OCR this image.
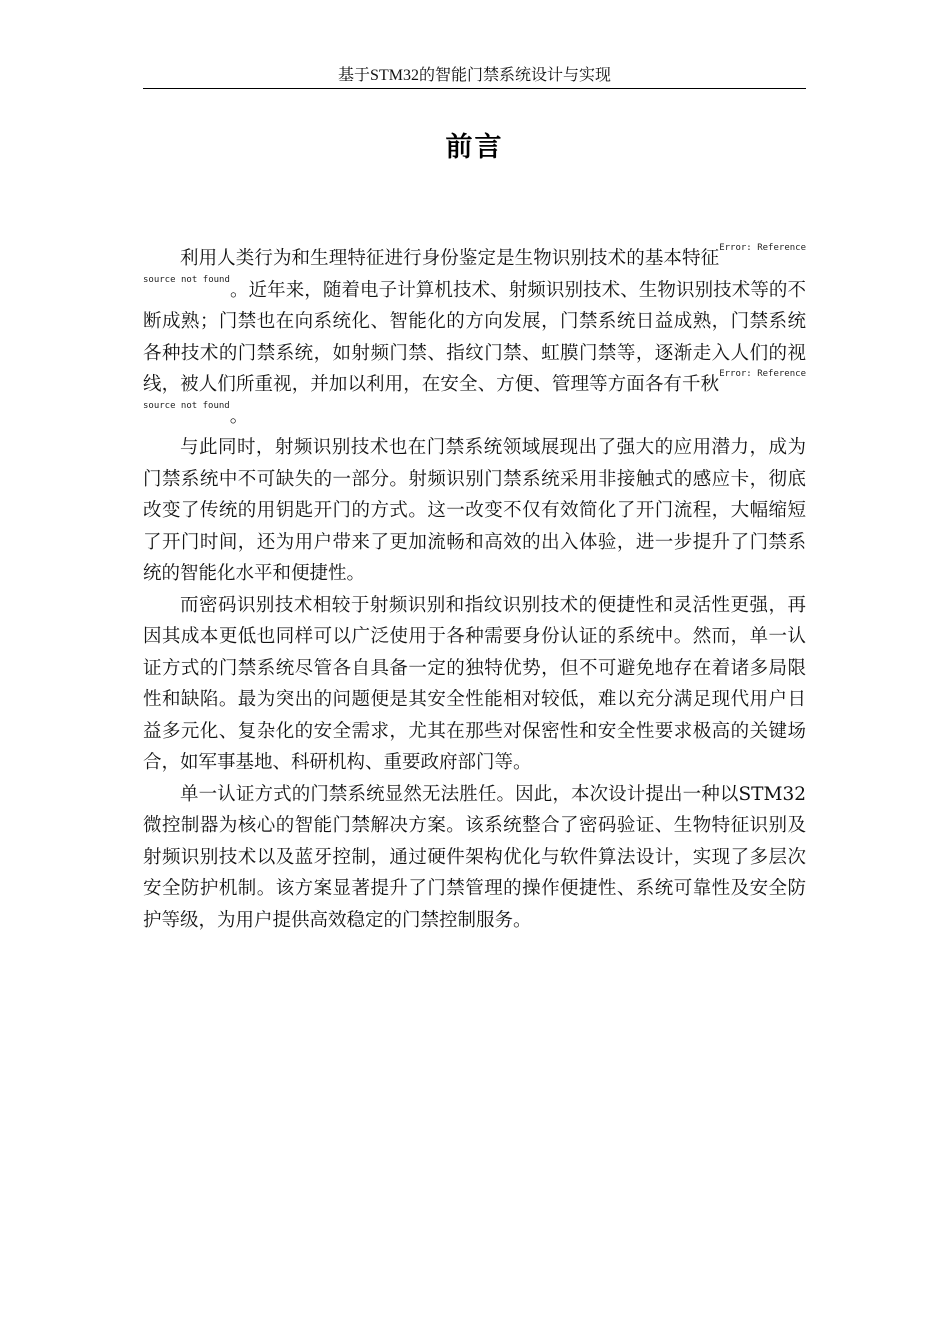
基于STM32的智能门禁系统设计与实现
前言

利用人类行为和生理特征进行身份鉴定是生物识别技术的基本特征$^{Error: Reference source not found}$。近年来，随着电子计算机技术、射频识别技术、生物识别技术等的不断成熟；门禁也在向系统化、智能化的方向发展，门禁系统日益成熟，门禁系统各种技术的门禁系统，如射频门禁、指纹门禁、虹膜门禁等，逐渐走入人们的视线，被人们所重视，并加以利用，在安全、方便、管理等方面各有千秋$^{Error: Reference source not found}$。

与此同时，射频识别技术也在门禁系统领域展现出了强大的应用潜力，成为门禁系统中不可缺失的一部分。射频识别门禁系统采用非接触式的感应卡，彻底改变了传统的用钥匙开门的方式。这一改变不仅有效简化了开门流程，大幅缩短了开门时间，还为用户带来了更加流畅和高效的出入体验，进一步提升了门禁系统的智能化水平和便捷性。

而密码识别技术相较于射频识别和指纹识别技术的便捷性和灵活性更强，再因其成本更低也同样可以广泛使用于各种需要身份认证的系统中。然而，单一认证方式的门禁系统尽管各自具备一定的独特优势，但不可避免地存在着诸多局限性和缺陷。最为突出的问题便是其安全性能相对较低，难以充分满足现代用户日益多元化、复杂化的安全需求，尤其在那些对保密性和安全性要求极高的关键场合，如军事基地、科研机构、重要政府部门等。

单一认证方式的门禁系统显然无法胜任。因此，本次设计提出一种以STM32微控制器为核心的智能门禁解决方案。该系统整合了密码验证、生物特征识别及射频识别技术以及蓝牙控制，通过硬件架构优化与软件算法设计，实现了多层次安全防护机制。该方案显著提升了门禁管理的操作便捷性、系统可靠性及安全防护等级，为用户提供高效稳定的门禁控制服务。
